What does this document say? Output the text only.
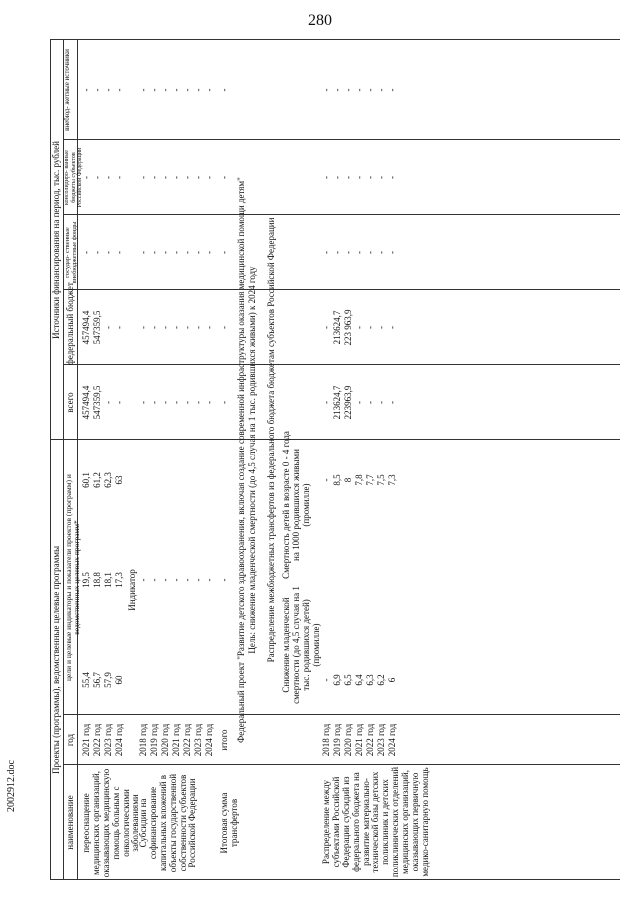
280
2002912.doc
Проекты (программы), ведомственные целевые программы
Источники финансирования на период, тыс. рублей
наименование
год
цели и целевые индикаторы и показатели проектов (программ) и ведомственных целевых программ*
всего
федеральный бюджет
государ- ственные внебюджетные фонды
консолидиро- ванные бюджеты субъектов Российской Федерации
внебюд- жетные источники
переоснащение медицинских организаций, оказывающих медицинскую помощь больным с онкологическими заболеваниями
2021 год
55,4
19,5
60,1
457494,4
457494,4
-
-
-
2022 год
56,7
18,8
61,2
547359,5
547359,5
-
-
-
2023 год
57,9
18,1
62,3
-
-
-
-
-
2024 год
60
17,3
63
-
-
-
-
-
Индикатор
Субсидии на софинансирование капитальных вложений в объекты государственной собственности субъектов Российской Федерации
2018 год
-
-
-
-
-
-
2019 год
-
-
-
-
-
-
2020 год
-
-
-
-
-
-
2021 год
-
-
-
-
-
-
2022 год
-
-
-
-
-
-
2023 год
-
-
-
-
-
-
2024 год
-
-
-
-
-
-
Итоговая сумма трансфертов
итого
-
-
-
-
-
-
Федеральный проект "Развитие детского здравоохранения, включая создание современной инфраструктуры оказания медицинской помощи детям" Цель: снижение младенческой смертности (до 4,5 случая на 1 тыс. родившихся живыми) к 2024 году Распределение межбюджетных трансфертов из федерального бюджета бюджетам субъектов Российской Федерации Снижение младенческой смертности (до 4,5 случая на 1 тыс. родившихся детей) (промилле)
Смертность детей в возрасте 0 - 4 года на 1000 родившихся живыми (промилле)
Распределение между субъектами Российской Федерации субсидий из федерального бюджета на развитие материально-технической базы детских поликлиник и детских поликлинических отделений медицинских организаций, оказывающих первичную медико-санитарную помощь
2018 год
-
-
-
-
-
-
-
2019 год
6,9
8,5
213624,7
213624,7
-
-
-
2020 год
6,5
8
223963,9
223 963,9
-
-
-
2021 год
6,4
7,8
-
-
-
-
-
2022 год
6,3
7,7
-
-
-
-
-
2023 год
6,2
7,5
-
-
-
-
-
2024 год
6
7,3
-
-
-
-
-
